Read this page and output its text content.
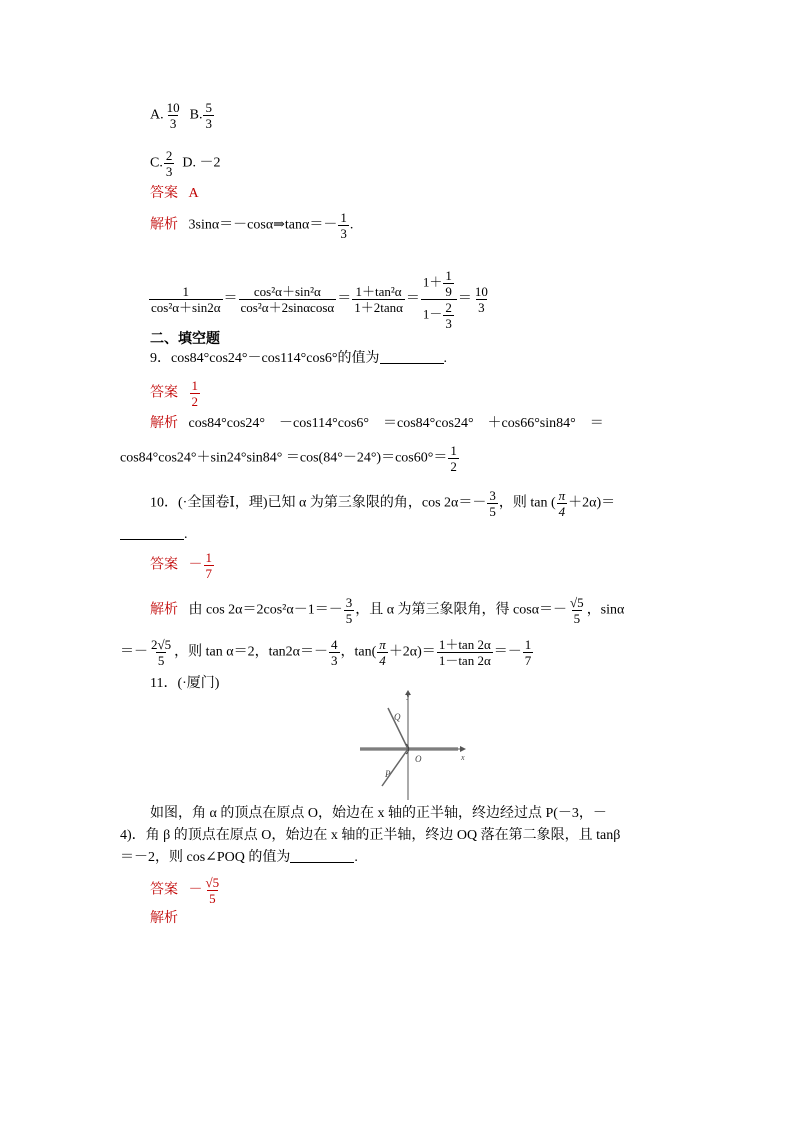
A. $\frac{10}{3} B$. $\frac{5}{3}$
C. $\frac{2}{3} D$. －2
答案 A
解析 3sinα＝－cosα⇒tanα＝－ $\frac{1}{3}$ .
$\frac{1}{\text{cos²α＋sin2α}} = \frac{\text{cos²α＋sin²α}}{\text{cos²α＋2sinαcosα}} = \frac{\text{1＋tan²α}}{1+2\tan\alpha} = \frac{1+ \frac{1}{9}}{1- \frac{2}{3}} = \frac{10}{3}$
二、填空题
9．cos84°cos24°－cos114°cos6°的值为	.
答案 $\frac{1}{2}$
解析 cos84°cos24°　－cos114°cos6°　＝cos84°cos24°　＋cos66°sin84°　＝
$\cos 84^\circ\cos 24^\circ+\sin 24^\circ\sin 84^\circ =\cos(84^\circ-24^\circ)=\cos 60^\circ= \frac{1}{2}$
10．(·全国卷Ⅰ，理)已知 α 为第三象限的角，$\cos 2\alpha=- \frac{3}{5}$ ，则 tan ( $\frac{\pi}{4} +2\alpha)=$
.
答案 － $\frac{1}{7}$
解析 由 $\cos 2\alpha=2\cos^2\alpha-1=- \frac{3}{5}$ ，且 α 为第三象限角，得 $\cos\alpha=- \frac{√5}{5}$ ，sinα
＝－ $\frac{2√5}{5}$ ，则 tan α＝2，$\tan 2\alpha=- \frac{4}{3}$ ，$\tan( \frac{\pi}{4} +2\alpha)= \frac{1+\tan 2\alpha}{1-\tan 2\alpha} =- \frac{1}{7}$
11．(·厦门)
y
x
O
Q
P
如图，角 α 的顶点在原点 O，始边在 x 轴的正半轴，终边经过点 P(－3，－
4)．角 β 的顶点在原点 O，始边在 x 轴的正半轴，终边 OQ 落在第二象限，且 tanβ
＝－2，则 cos∠POQ 的值为	.
答案 － $\frac{√5}{5}$
解析
